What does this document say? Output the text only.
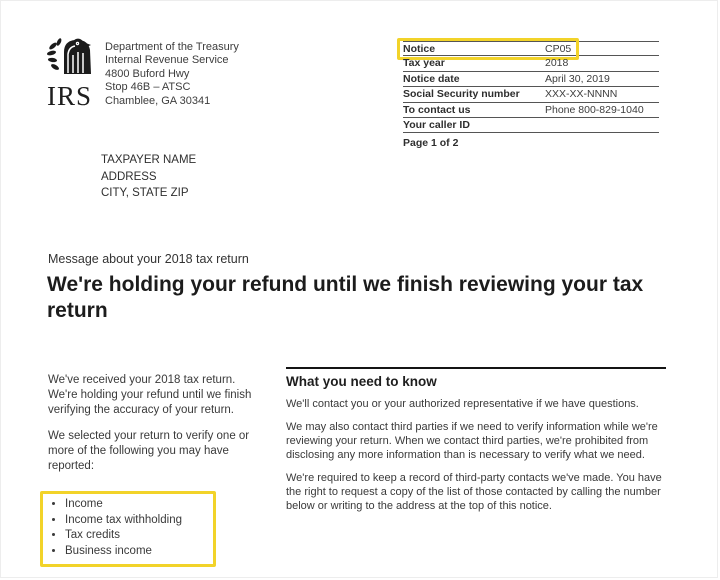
IRS
Department of the Treasury
Internal Revenue Service
4800 Buford Hwy
Stop 46B – ATSC
Chamblee, GA 30341
Notice	CP05
Tax year	2018
Notice date	April 30, 2019
Social Security number XXX-XX-NNNN
To contact us	Phone 800-829-1040
Your caller ID
Page 1 of 2
TAXPAYER NAME
ADDRESS
CITY, STATE ZIP
Message about your 2018 tax return
We're holding your refund until we finish reviewing your tax return

We've received your 2018 tax return. We're holding your refund until we finish verifying the accuracy of your return.

We selected your return to verify one or more of the following you may have reported:

• Income
• Income tax withholding
• Tax credits
• Business income
What you need to know

We'll contact you or your authorized representative if we have questions.

We may also contact third parties if we need to verify information while we're reviewing your return. When we contact third parties, we're prohibited from disclosing any more information than is necessary to verify what we need.

We're required to keep a record of third-party contacts we've made. You have the right to request a copy of the list of those contacted by calling the number below or writing to the address at the top of this notice.
